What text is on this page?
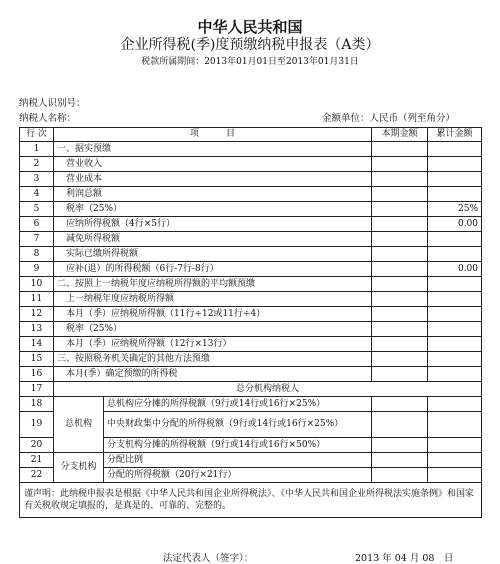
中华人民共和国
企业所得税(季)度预缴纳税申报表（A类）
税款所属期间：2013年01月01日至2013年01月31日
纳税人识别号：
纳税人名称：	金额单位：人民币（列至角分）
行 次	项　　　目		本期金额	累计金额
1	一、据实预缴			
2	营业收入			
3	营业成本			
4	利润总额			
5	税率（25%）			25%
6	应纳所得税额（4行×5行）			0.00
7	减免所得税额			
8	实际已缴所得税额			
9	应补(退）的所得税额（6行-7行-8行）			0.00
10	二、按照上一纳税年度应纳税所得额的平均额预缴			
11	上一纳税年度应纳税所得额			
12	本月（季）应纳税所得额（11行÷12或11行÷4）			
13	税率（25%）			
14	本月（季）应纳税所得额（12行×13行）			
15	三、按照税务机关确定的其他方法预缴			
16	本月(季）确定预缴的所得税			
17	总分机构纳税人			
18	总机构	总机构应分摊的所得税额（9行或14行或16行×25%）		
19		中央财政集中分配的所得税额（9行或14行或16行×25%）		
20		分支机构分摊的所得税额（9行或14行或16行×50%）		
21	分支机构	分配比例		
22		分配的所得税额（20行×21行）		
谨声明：此纳税申报表是根据《中华人民共和国企业所得税法》、《中华人民共和国企业所得税法实施条例》和国家有关税收规定填报的，是真是的、可靠的、完整的。				
法定代表人（签字）：	2013 年 04 月 08　日
